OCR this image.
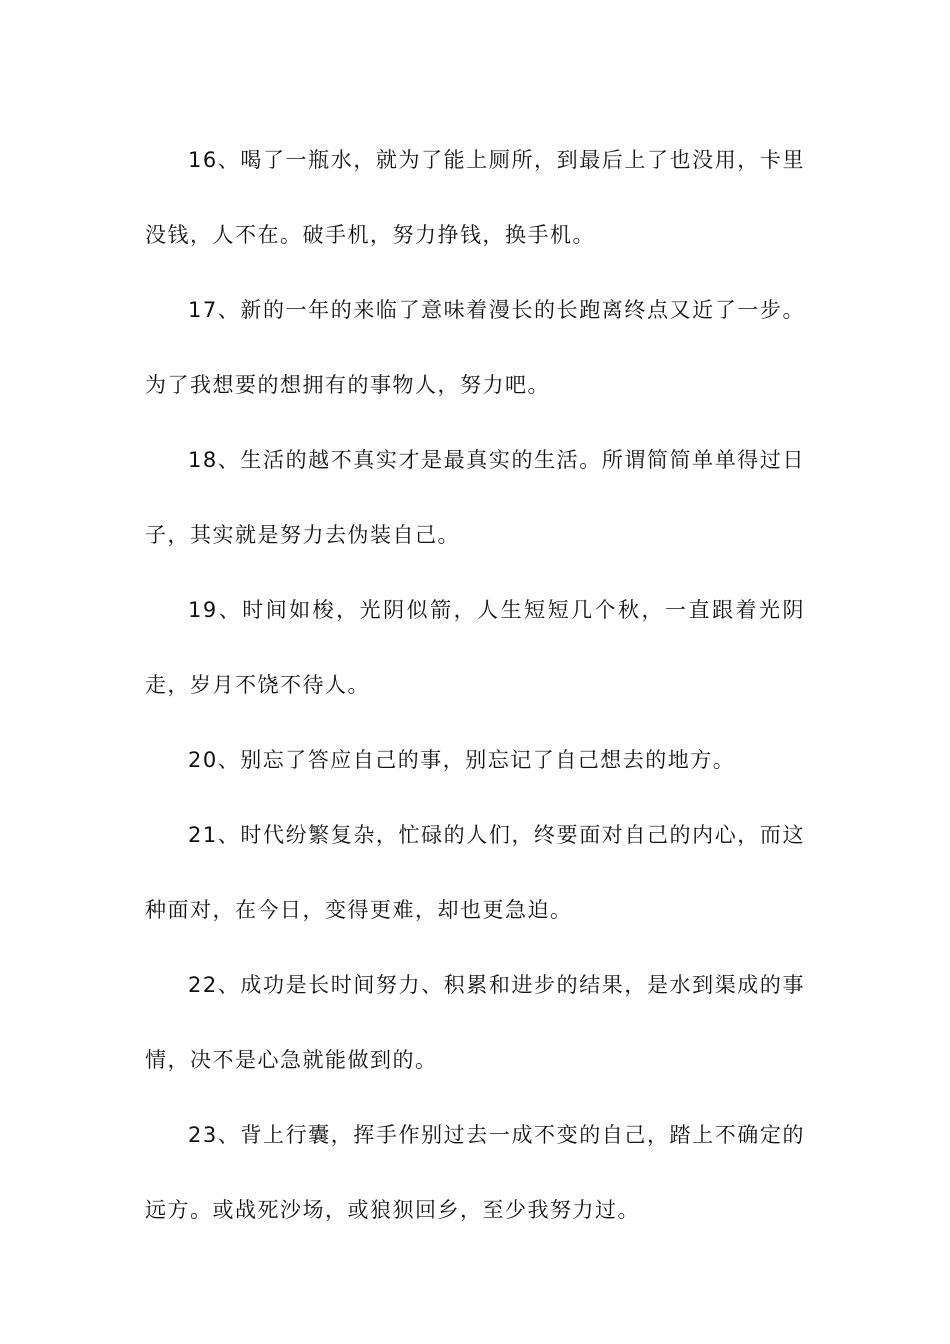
16、喝了一瓶水，就为了能上厕所，到最后上了也没用，卡里没钱，人不在。破手机，努力挣钱，换手机。

17、新的一年的来临了意味着漫长的长跑离终点又近了一步。为了我想要的想拥有的事物人，努力吧。

18、生活的越不真实才是最真实的生活。所谓简简单单得过日子，其实就是努力去伪装自己。

19、时间如梭，光阴似箭，人生短短几个秋，一直跟着光阴走，岁月不饶不待人。

20、别忘了答应自己的事，别忘记了自己想去的地方。

21、时代纷繁复杂，忙碌的人们，终要面对自己的内心，而这种面对，在今日，变得更难，却也更急迫。

22、成功是长时间努力、积累和进步的结果，是水到渠成的事情，决不是心急就能做到的。

23、背上行囊，挥手作别过去一成不变的自己，踏上不确定的远方。或战死沙场，或狼狈回乡，至少我努力过。
